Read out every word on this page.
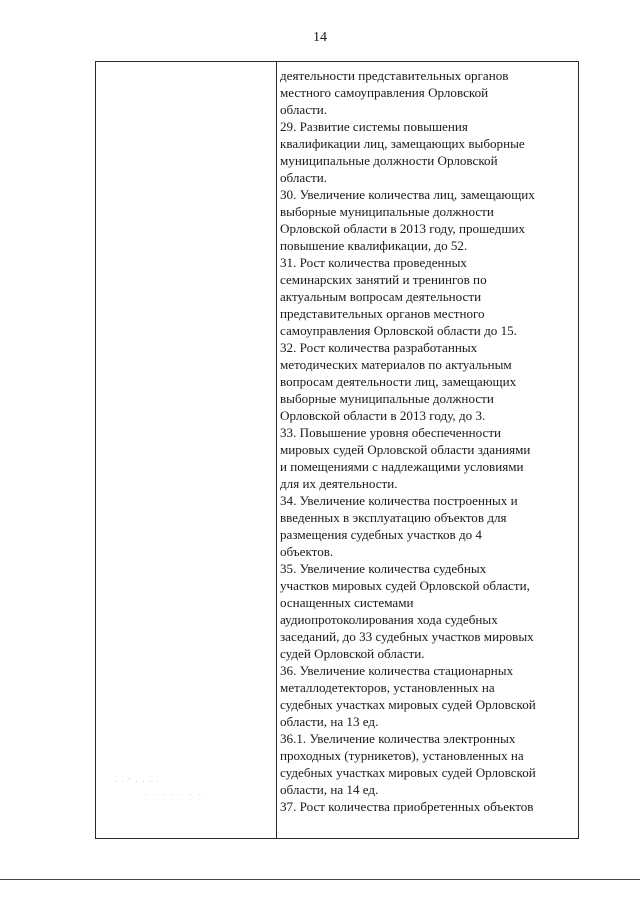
14
деятельности представительных органов
местного самоуправления Орловской
области.
29. Развитие системы повышения
квалификации лиц, замещающих выборные
муниципальные должности Орловской
области.
30. Увеличение количества лиц, замещающих
выборные муниципальные должности
Орловской области в 2013 году, прошедших
повышение квалификации, до 52.
31. Рост количества проведенных
семинарских занятий и тренингов по
актуальным вопросам деятельности
представительных органов местного
самоуправления Орловской области до 15.
32. Рост количества разработанных
методических материалов по актуальным
вопросам деятельности лиц, замещающих
выборные муниципальные должности
Орловской области в 2013 году, до 3.
33. Повышение уровня обеспеченности
мировых судей Орловской области зданиями
и помещениями с надлежащими условиями
для их деятельности.
34. Увеличение количества построенных и
введенных в эксплуатацию объектов для
размещения судебных участков до 4
объектов.
35. Увеличение количества судебных
участков мировых судей Орловской области,
оснащенных системами
аудиопротоколирования хода судебных
заседаний, до 33 судебных участков мировых
судей Орловской области.
36. Увеличение количества стационарных
металлодетекторов, установленных на
судебных участках мировых судей Орловской
области, на 13 ед.
36.1. Увеличение количества электронных
проходных (турникетов), установленных на
судебных участках мировых судей Орловской
области, на 14 ед.
37. Рост количества приобретенных объектов
. . ' . . . .
. . . . . . .
